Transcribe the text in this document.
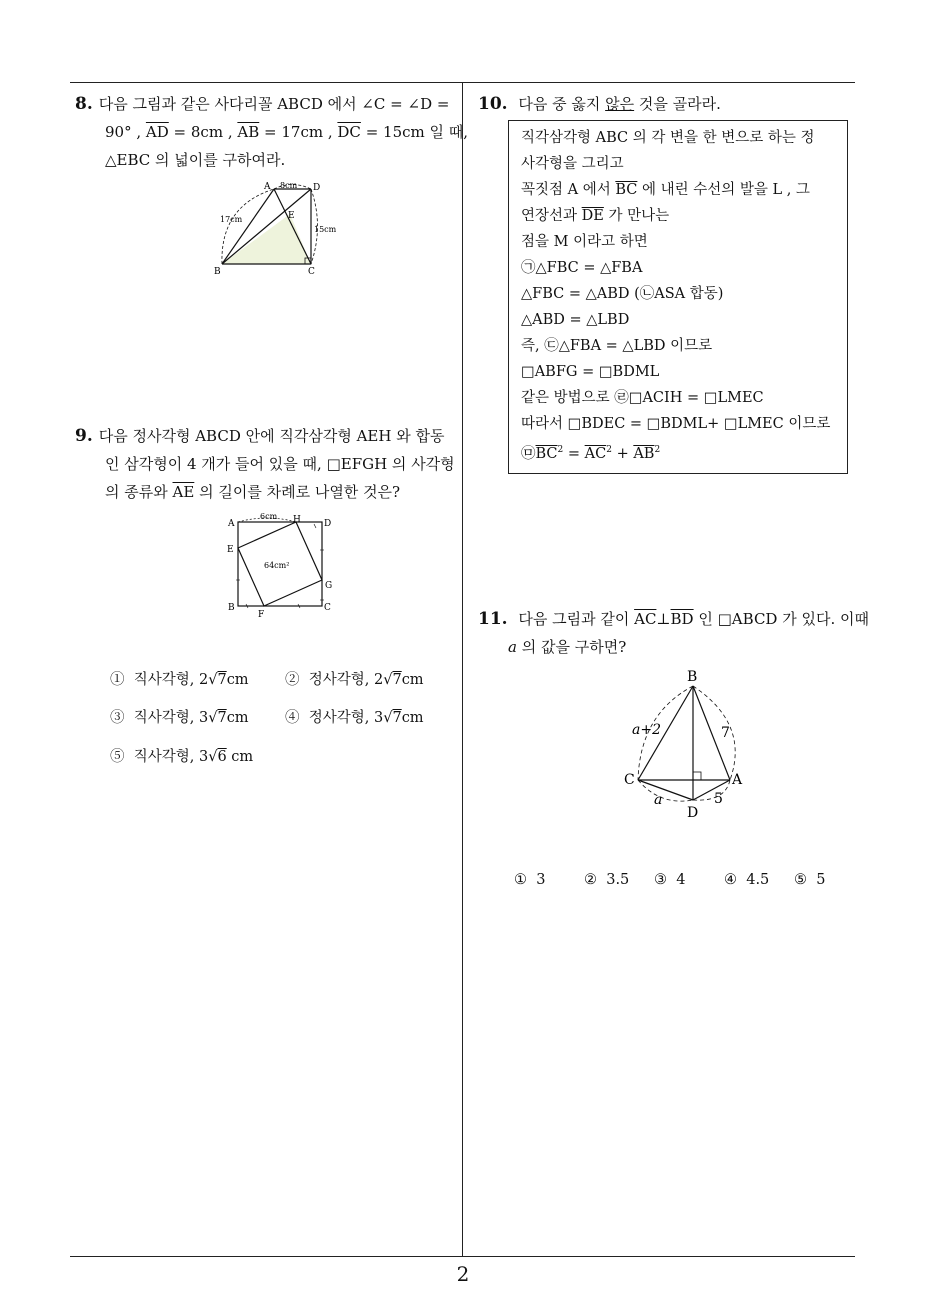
8. 다음 그림과 같은 사다리꼴 ABCD 에서 ∠C = ∠D =
90° , $\overline{AD} = 8cm$ , $\overline{AB} = 17cm$ , $\overline{DC} = 15cm$ 일 때,
△EBC 의 넓이를 구하여라.
A	D
B	C
E
8cm
17cm
15cm
9. 다음 정사각형 ABCD 안에 직각삼각형 AEH 와 합동
인 삼각형이 4 개가 들어 있을 때, □EFGH 의 사각형
의 종류와 $\overline{AE}$ 의 길이를 차례로 나열한 것은?
A	D
B	C
E
H
G
F
6cm
64cm²
① 직사각형, 2√7cm	② 정사각형, 2√7cm
③ 직사각형, 3√7cm	④ 정사각형, 3√7cm
⑤ 직사각형, 3√6 cm
10. 다음 중 옳지 않은 것을 골라라.
직각삼각형 ABC 의 각 변을 한 변으로 하는 정
사각형을 그리고
꼭짓점 A 에서 $\overline{BC}$ 에 내린 수선의 발을 L , 그
연장선과 $\overline{DE}$ 가 만나는
점을 M 이라고 하면
㉠△FBC = △FBA
△FBC = △ABD (㉡ASA 합동)
△ABD = △LBD
즉, ㉢△FBA = △LBD 이므로
□ABFG = □BDML
같은 방법으로 ㉣□ACIH = □LMEC
따라서 □BDEC = □BDML+ □LMEC 이므로
$㉤\overline{BC}^2 = \overline{AC}^2 + \overline{AB}^2$
11. 다음 그림과 같이 $\overline{AC}\perp\overline{BD}$ 인 □ABCD 가 있다. 이때
a 의 값을 구하면?
B
C	A
D
a+2	7
a	5
① 3	② 3.5 ③ 4	④ 4.5 ⑤ 5
2
